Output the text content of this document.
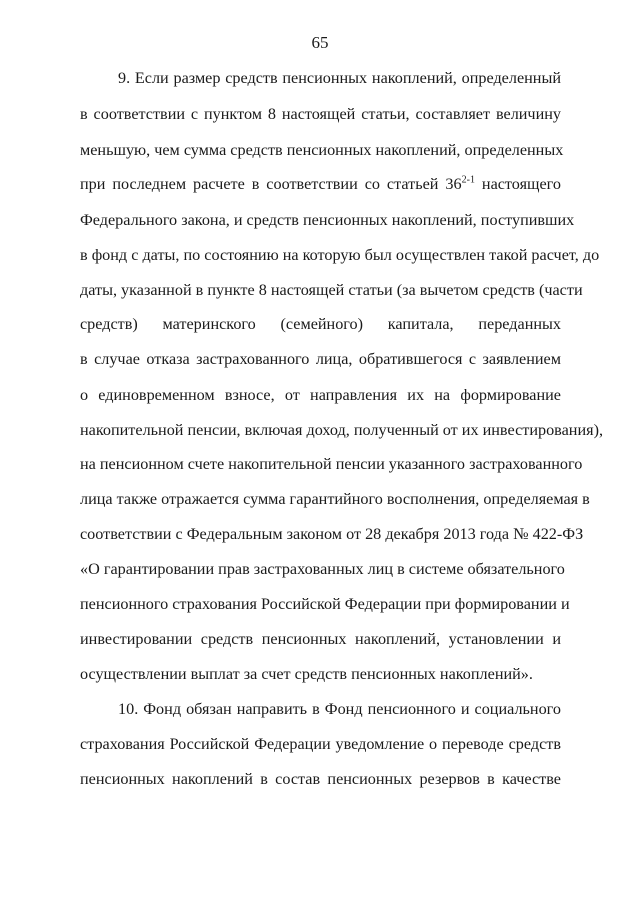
65
9. Если размер средств пенсионных накоплений, определенный
в соответствии с пунктом 8 настоящей статьи, составляет величину
меньшую, чем сумма средств пенсионных накоплений, определенных
при последнем расчете в соответствии со статьей 36$^{2-1}$ настоящего
Федерального закона, и средств пенсионных накоплений, поступивших
в фонд с даты, по состоянию на которую был осуществлен такой расчет, до
даты, указанной в пункте 8 настоящей статьи (за вычетом средств (части
средств) материнского (семейного) капитала, переданных
в случае отказа застрахованного лица, обратившегося с заявлением
о единовременном взносе, от направления их на формирование
накопительной пенсии, включая доход, полученный от их инвестирования),
на пенсионном счете накопительной пенсии указанного застрахованного
лица также отражается сумма гарантийного восполнения, определяемая в
соответствии с Федеральным законом от 28 декабря 2013 года № 422-ФЗ
«О гарантировании прав застрахованных лиц в системе обязательного
пенсионного страхования Российской Федерации при формировании и
инвестировании средств пенсионных накоплений, установлении и
осуществлении выплат за счет средств пенсионных накоплений».
10. Фонд обязан направить в Фонд пенсионного и социального
страхования Российской Федерации уведомление о переводе средств
пенсионных накоплений в состав пенсионных резервов в качестве
